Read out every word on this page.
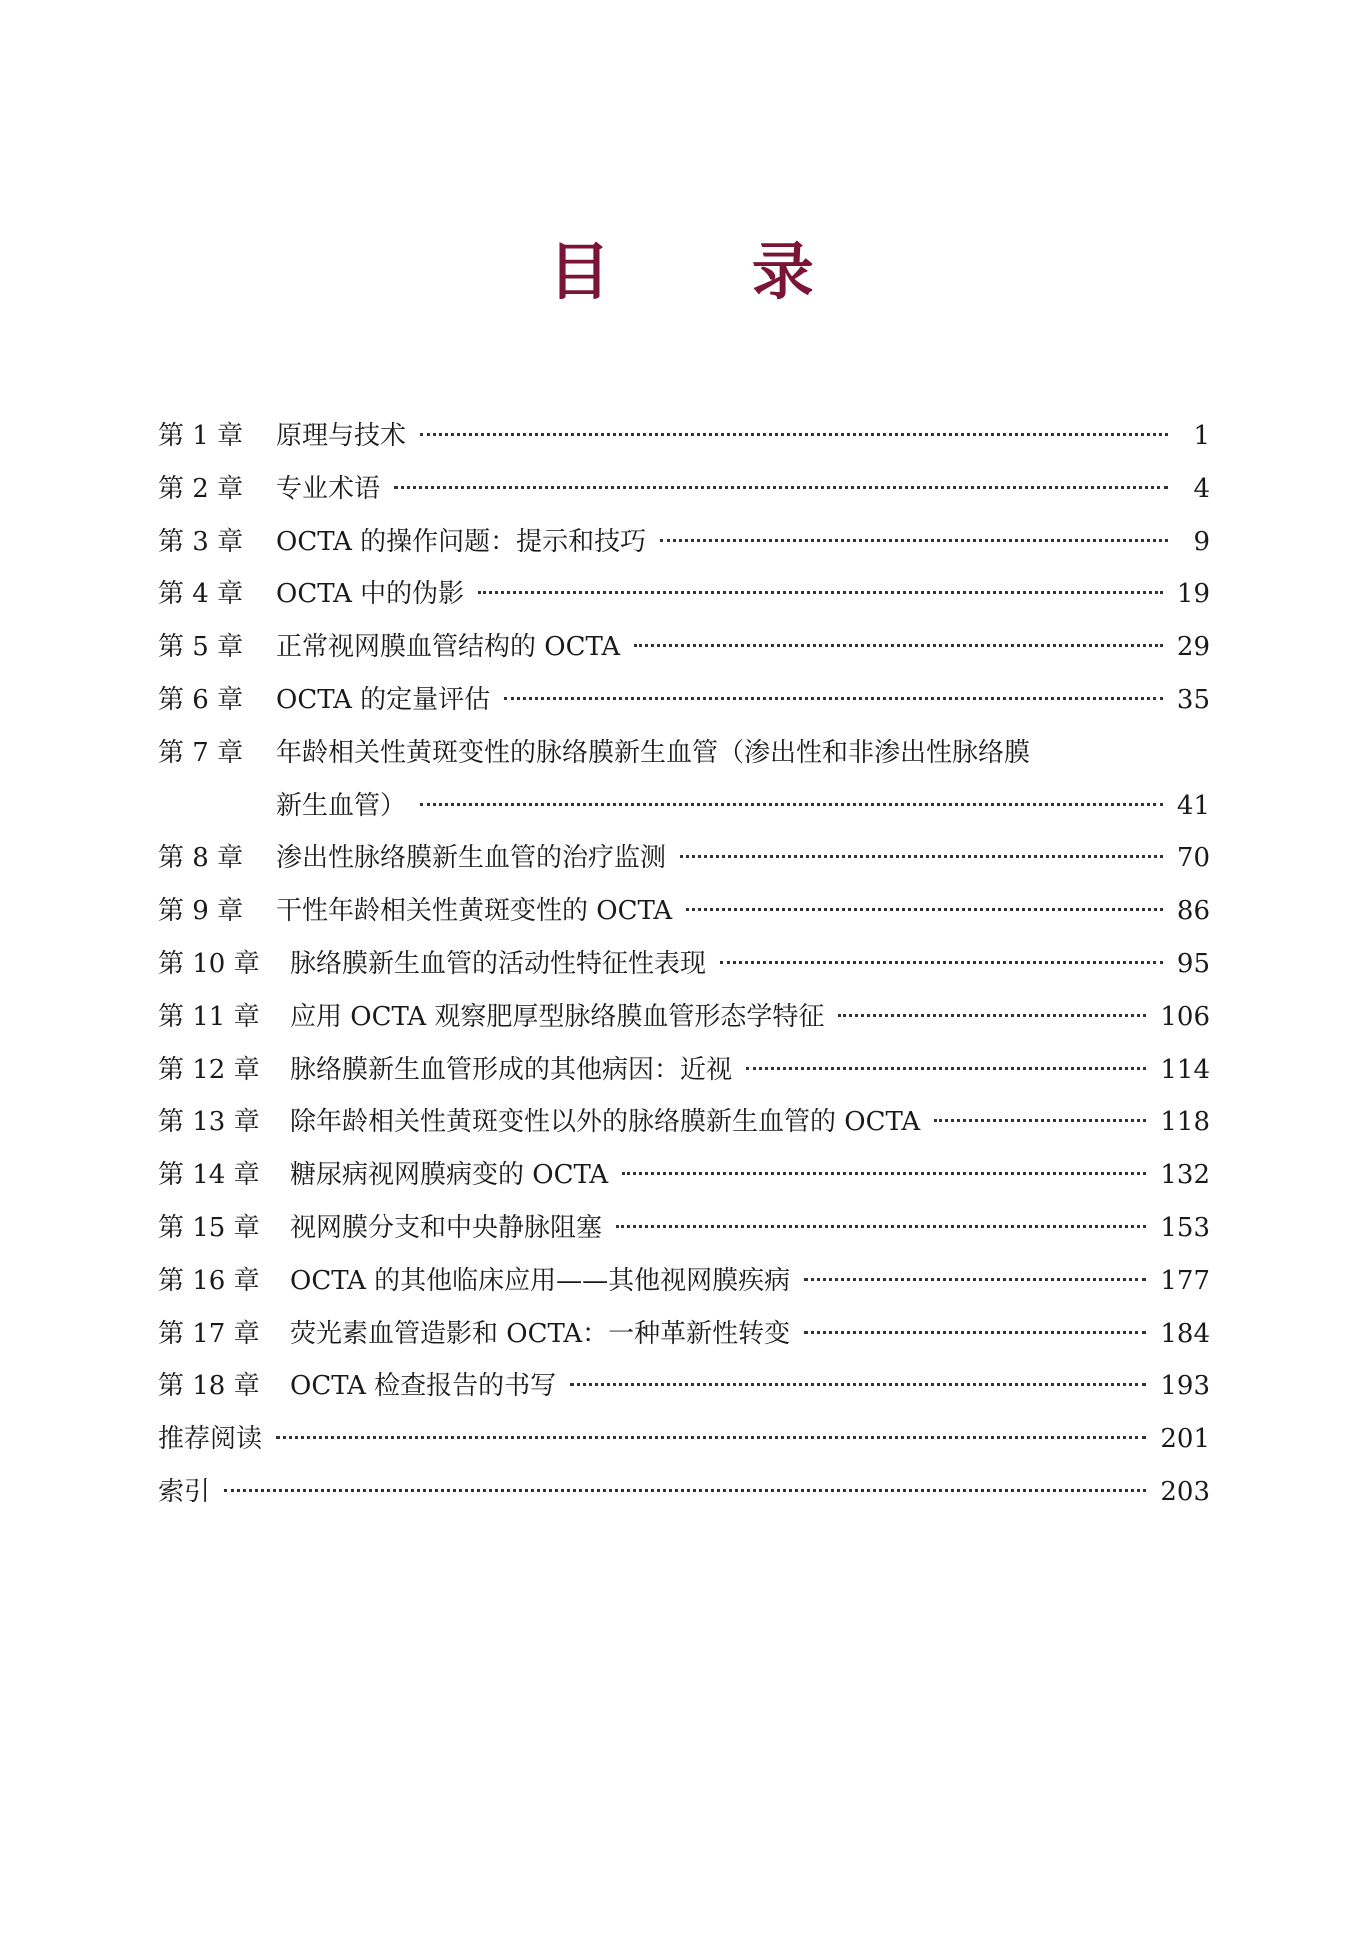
目 录
第 1 章	原理与技术	1
第 2 章	专业术语	4
第 3 章	OCTA 的操作问题：提示和技巧	9
第 4 章	OCTA 中的伪影	19
第 5 章	正常视网膜血管结构的 OCTA	29
第 6 章	OCTA 的定量评估	35
第 7 章	年龄相关性黄斑变性的脉络膜新生血管（渗出性和非渗出性脉络膜
新生血管）	41
第 8 章	渗出性脉络膜新生血管的治疗监测	70
第 9 章	干性年龄相关性黄斑变性的 OCTA	86
第 10 章	脉络膜新生血管的活动性特征性表现	95
第 11 章	应用 OCTA 观察肥厚型脉络膜血管形态学特征	106
第 12 章	脉络膜新生血管形成的其他病因：近视	114
第 13 章	除年龄相关性黄斑变性以外的脉络膜新生血管的 OCTA	118
第 14 章	糖尿病视网膜病变的 OCTA	132
第 15 章	视网膜分支和中央静脉阻塞	153
第 16 章	OCTA 的其他临床应用——其他视网膜疾病	177
第 17 章	荧光素血管造影和 OCTA：一种革新性转变	184
第 18 章	OCTA 检查报告的书写	193
推荐阅读	201
索引	203
